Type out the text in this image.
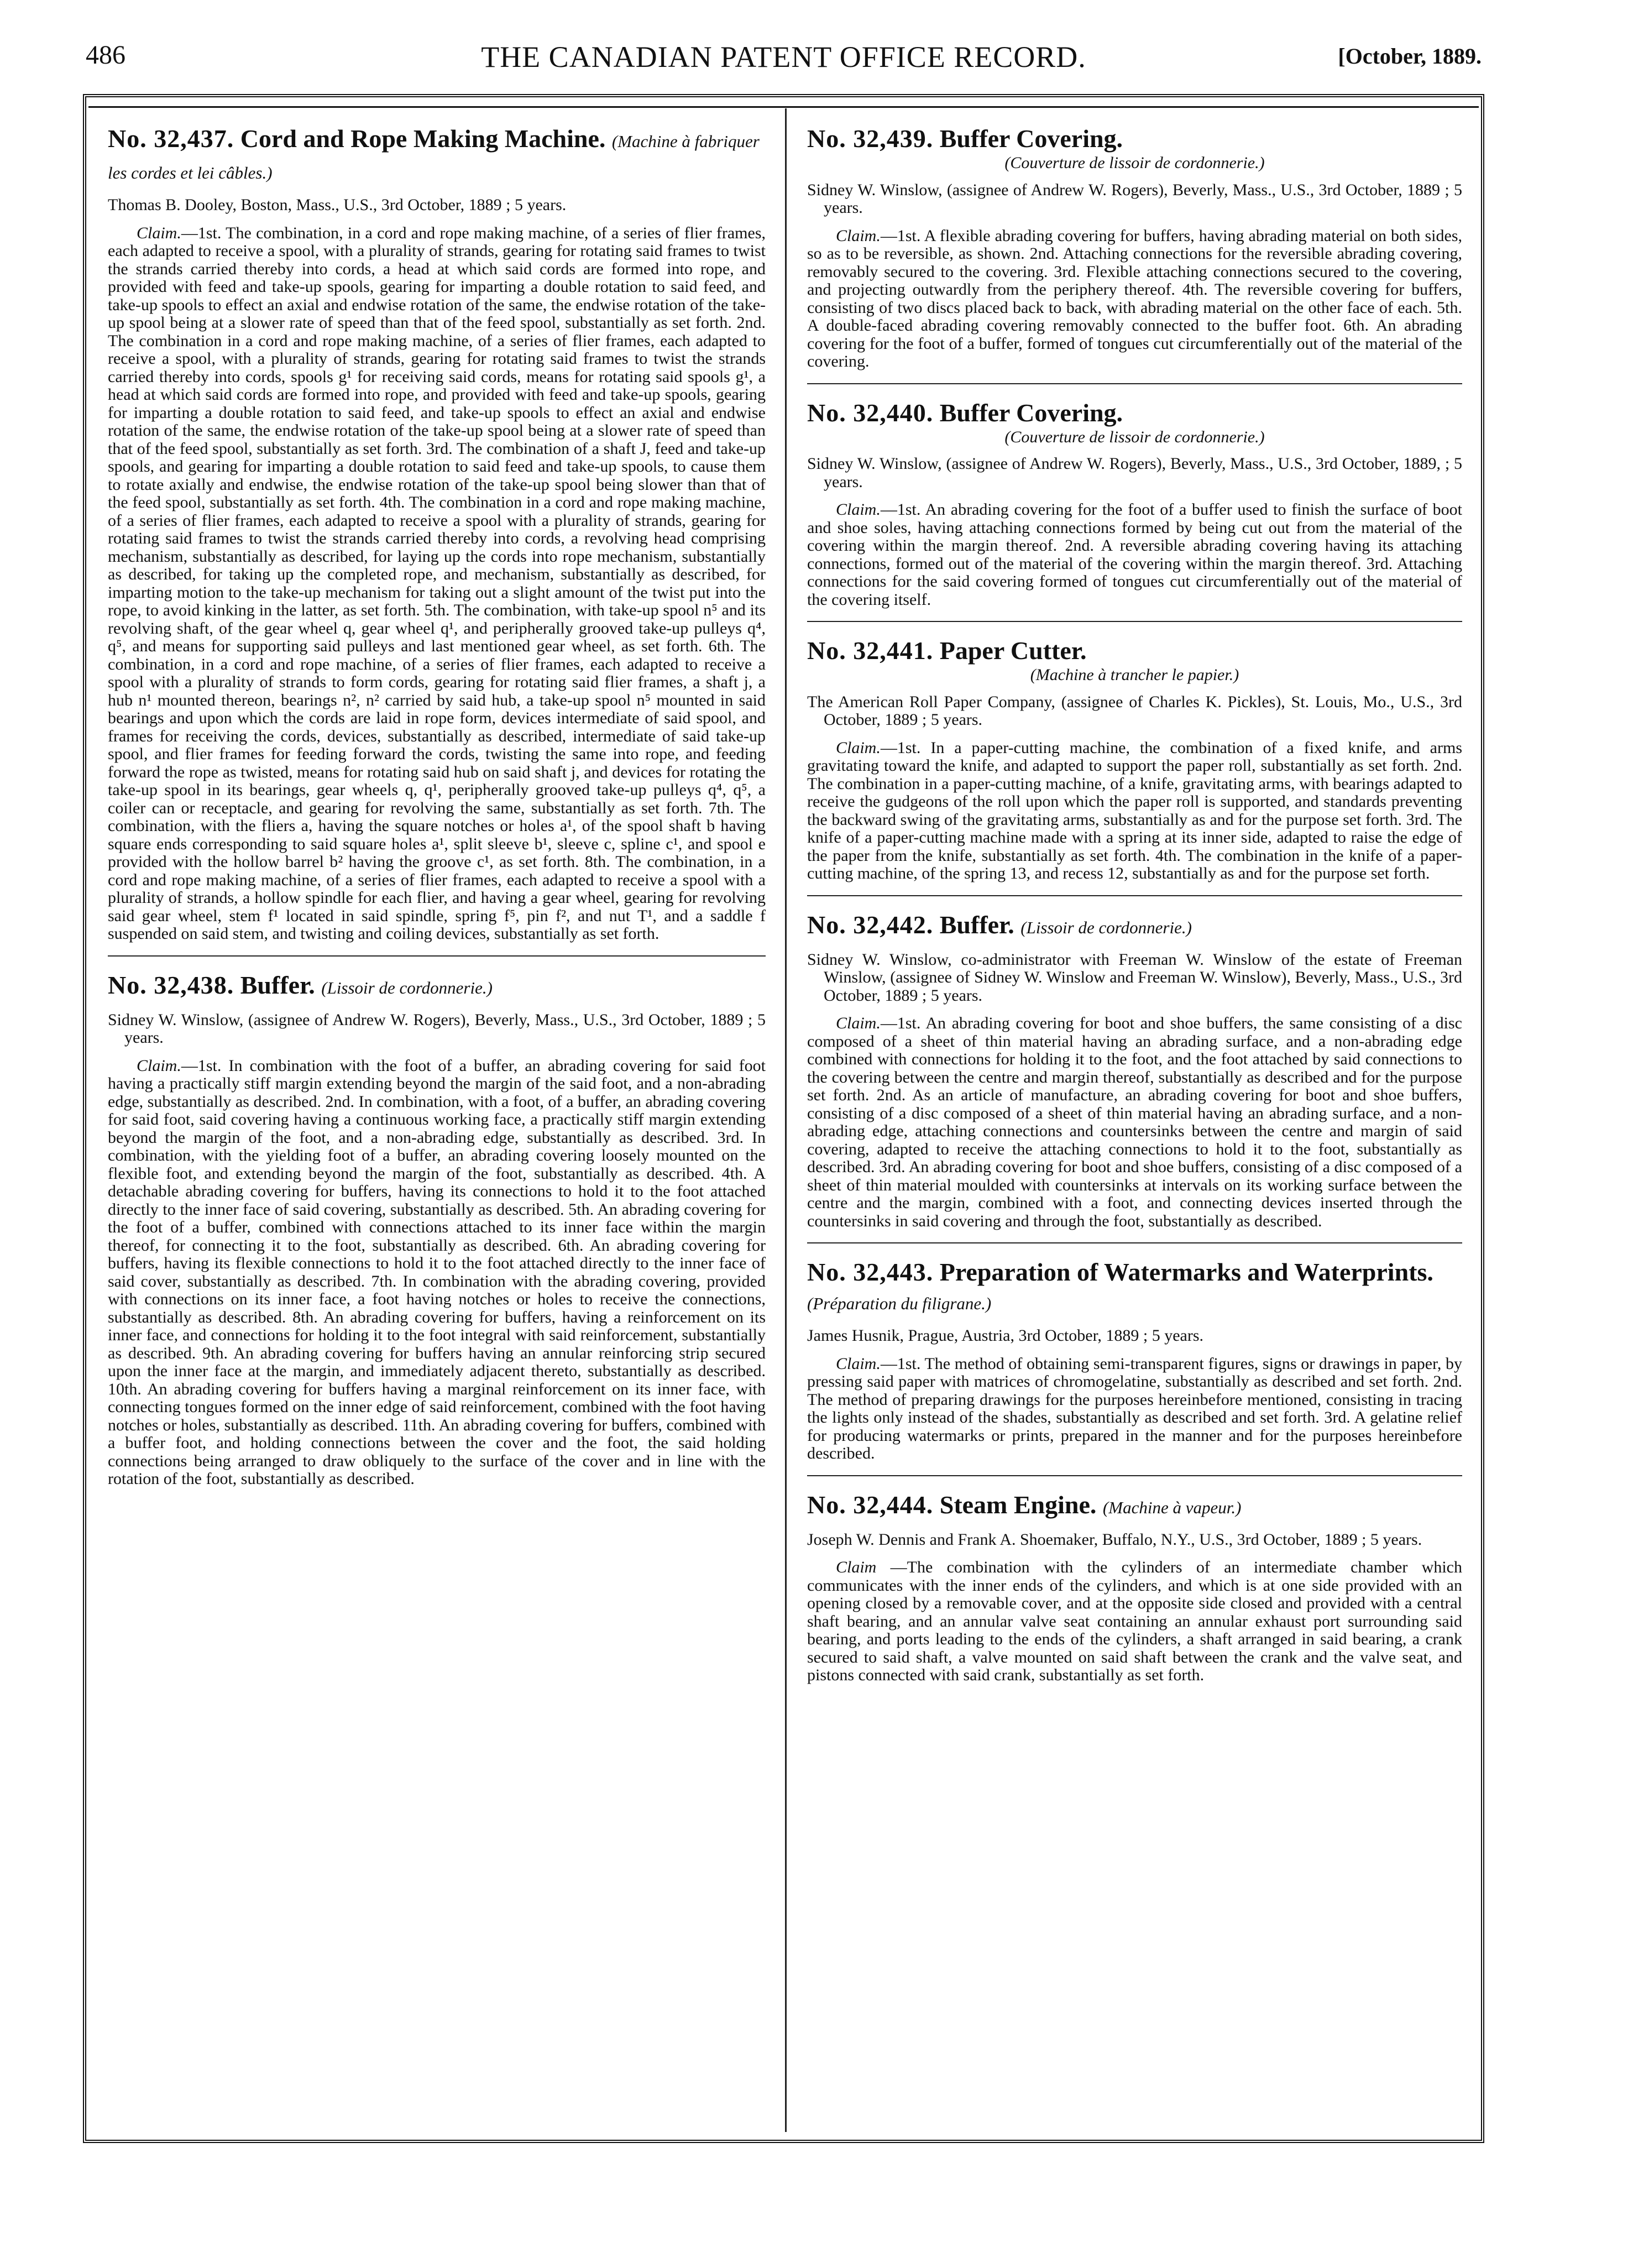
486	THE CANADIAN PATENT OFFICE RECORD.	[October, 1889.
No. 32,437. Cord and Rope Making Machine. (Machine à fabriquer les cordes et lei câbles.)

Thomas B. Dooley, Boston, Mass., U.S., 3rd October, 1889 ; 5 years.

Claim.—1st. The combination, in a cord and rope making machine, of a series of flier frames, each adapted to receive a spool, with a plurality of strands, gearing for rotating said frames to twist the strands carried thereby into cords, a head at which said cords are formed into rope, and provided with feed and take-up spools, gearing for imparting a double rotation to said feed, and take-up spools to effect an axial and endwise rotation of the same, the endwise rotation of the take-up spool being at a slower rate of speed than that of the feed spool, substantially as set forth. 2nd. The combination in a cord and rope making machine, of a series of flier frames, each adapted to receive a spool, with a plurality of strands, gearing for rotating said frames to twist the strands carried thereby into cords, spools g¹ for receiving said cords, means for rotating said spools g¹, a head at which said cords are formed into rope, and provided with feed and take-up spools, gearing for imparting a double rotation to said feed, and take-up spools to effect an axial and endwise rotation of the same, the endwise rotation of the take-up spool being at a slower rate of speed than that of the feed spool, substantially as set forth. 3rd. The combination of a shaft J, feed and take-up spools, and gearing for imparting a double rotation to said feed and take-up spools, to cause them to rotate axially and endwise, the endwise rotation of the take-up spool being slower than that of the feed spool, substantially as set forth. 4th. The combination in a cord and rope making machine, of a series of flier frames, each adapted to receive a spool with a plurality of strands, gearing for rotating said frames to twist the strands carried thereby into cords, a revolving head comprising mechanism, substantially as described, for laying up the cords into rope mechanism, substantially as described, for taking up the completed rope, and mechanism, substantially as described, for imparting motion to the take-up mechanism for taking out a slight amount of the twist put into the rope, to avoid kinking in the latter, as set forth. 5th. The combination, with take-up spool n⁵ and its revolving shaft, of the gear wheel q, gear wheel q¹, and peripherally grooved take-up pulleys q⁴, q⁵, and means for supporting said pulleys and last mentioned gear wheel, as set forth. 6th. The combination, in a cord and rope machine, of a series of flier frames, each adapted to receive a spool with a plurality of strands to form cords, gearing for rotating said flier frames, a shaft j, a hub n¹ mounted thereon, bearings n², n² carried by said hub, a take-up spool n⁵ mounted in said bearings and upon which the cords are laid in rope form, devices intermediate of said spool, and frames for receiving the cords, devices, substantially as described, intermediate of said take-up spool, and flier frames for feeding forward the cords, twisting the same into rope, and feeding forward the rope as twisted, means for rotating said hub on said shaft j, and devices for rotating the take-up spool in its bearings, gear wheels q, q¹, peripherally grooved take-up pulleys q⁴, q⁵, a coiler can or receptacle, and gearing for revolving the same, substantially as set forth. 7th. The combination, with the fliers a, having the square notches or holes a¹, of the spool shaft b having square ends corresponding to said square holes a¹, split sleeve b¹, sleeve c, spline c¹, and spool e provided with the hollow barrel b² having the groove c¹, as set forth. 8th. The combination, in a cord and rope making machine, of a series of flier frames, each adapted to receive a spool with a plurality of strands, a hollow spindle for each flier, and having a gear wheel, gearing for revolving said gear wheel, stem f¹ located in said spindle, spring f⁵, pin f², and nut T¹, and a saddle f suspended on said stem, and twisting and coiling devices, substantially as set forth.

No. 32,438. Buffer. (Lissoir de cordonnerie.)

Sidney W. Winslow, (assignee of Andrew W. Rogers), Beverly, Mass., U.S., 3rd October, 1889 ; 5 years.

Claim.—1st. In combination with the foot of a buffer, an abrading covering for said foot having a practically stiff margin extending beyond the margin of the said foot, and a non-abrading edge, substantially as described. 2nd. In combination, with a foot, of a buffer, an abrading covering for said foot, said covering having a continuous working face, a practically stiff margin extending beyond the margin of the foot, and a non-abrading edge, substantially as described. 3rd. In combination, with the yielding foot of a buffer, an abrading covering loosely mounted on the flexible foot, and extending beyond the margin of the foot, substantially as described. 4th. A detachable abrading covering for buffers, having its connections to hold it to the foot attached directly to the inner face of said covering, substantially as described. 5th. An abrading covering for the foot of a buffer, combined with connections attached to its inner face within the margin thereof, for connecting it to the foot, substantially as described. 6th. An abrading covering for buffers, having its flexible connections to hold it to the foot attached directly to the inner face of said cover, substantially as described. 7th. In combination with the abrading covering, provided with connections on its inner face, a foot having notches or holes to receive the connections, substantially as described. 8th. An abrading covering for buffers, having a reinforcement on its inner face, and connections for holding it to the foot integral with said reinforcement, substantially as described. 9th. An abrading covering for buffers having an annular reinforcing strip secured upon the inner face at the margin, and immediately adjacent thereto, substantially as described. 10th. An abrading covering for buffers having a marginal reinforcement on its inner face, with connecting tongues formed on the inner edge of said reinforcement, combined with the foot having notches or holes, substantially as described. 11th. An abrading covering for buffers, combined with a buffer foot, and holding connections between the cover and the foot, the said holding connections being arranged to draw obliquely to the surface of the cover and in line with the rotation of the foot, substantially as described.

No. 32,439. Buffer Covering.
(Couverture de lissoir de cordonnerie.)

Sidney W. Winslow, (assignee of Andrew W. Rogers), Beverly, Mass., U.S., 3rd October, 1889 ; 5 years.

Claim.—1st. A flexible abrading covering for buffers, having abrading material on both sides, so as to be reversible, as shown. 2nd. Attaching connections for the reversible abrading covering, removably secured to the covering. 3rd. Flexible attaching connections secured to the covering, and projecting outwardly from the periphery thereof. 4th. The reversible covering for buffers, consisting of two discs placed back to back, with abrading material on the other face of each. 5th. A double-faced abrading covering removably connected to the buffer foot. 6th. An abrading covering for the foot of a buffer, formed of tongues cut circumferentially out of the material of the covering.

No. 32,440. Buffer Covering.
(Couverture de lissoir de cordonnerie.)

Sidney W. Winslow, (assignee of Andrew W. Rogers), Beverly, Mass., U.S., 3rd October, 1889, ; 5 years.

Claim.—1st. An abrading covering for the foot of a buffer used to finish the surface of boot and shoe soles, having attaching connections formed by being cut out from the material of the covering within the margin thereof. 2nd. A reversible abrading covering having its attaching connections, formed out of the material of the covering within the margin thereof. 3rd. Attaching connections for the said covering formed of tongues cut circumferentially out of the material of the covering itself.

No. 32,441. Paper Cutter.
(Machine à trancher le papier.)

The American Roll Paper Company, (assignee of Charles K. Pickles), St. Louis, Mo., U.S., 3rd October, 1889 ; 5 years.

Claim.—1st. In a paper-cutting machine, the combination of a fixed knife, and arms gravitating toward the knife, and adapted to support the paper roll, substantially as set forth. 2nd. The combination in a paper-cutting machine, of a knife, gravitating arms, with bearings adapted to receive the gudgeons of the roll upon which the paper roll is supported, and standards preventing the backward swing of the gravitating arms, substantially as and for the purpose set forth. 3rd. The knife of a paper-cutting machine made with a spring at its inner side, adapted to raise the edge of the paper from the knife, substantially as set forth. 4th. The combination in the knife of a paper-cutting machine, of the spring 13, and recess 12, substantially as and for the purpose set forth.

No. 32,442. Buffer. (Lissoir de cordonnerie.)

Sidney W. Winslow, co-administrator with Freeman W. Winslow of the estate of Freeman Winslow, (assignee of Sidney W. Winslow and Freeman W. Winslow), Beverly, Mass., U.S., 3rd October, 1889 ; 5 years.

Claim.—1st. An abrading covering for boot and shoe buffers, the same consisting of a disc composed of a sheet of thin material having an abrading surface, and a non-abrading edge combined with connections for holding it to the foot, and the foot attached by said connections to the covering between the centre and margin thereof, substantially as described and for the purpose set forth. 2nd. As an article of manufacture, an abrading covering for boot and shoe buffers, consisting of a disc composed of a sheet of thin material having an abrading surface, and a non-abrading edge, attaching connections and countersinks between the centre and margin of said covering, adapted to receive the attaching connections to hold it to the foot, substantially as described. 3rd. An abrading covering for boot and shoe buffers, consisting of a disc composed of a sheet of thin material moulded with countersinks at intervals on its working surface between the centre and the margin, combined with a foot, and connecting devices inserted through the countersinks in said covering and through the foot, substantially as described.

No. 32,443. Preparation of Watermarks and Waterprints. (Préparation du filigrane.)

James Husnik, Prague, Austria, 3rd October, 1889 ; 5 years.

Claim.—1st. The method of obtaining semi-transparent figures, signs or drawings in paper, by pressing said paper with matrices of chromogelatine, substantially as described and set forth. 2nd. The method of preparing drawings for the purposes hereinbefore mentioned, consisting in tracing the lights only instead of the shades, substantially as described and set forth. 3rd. A gelatine relief for producing watermarks or prints, prepared in the manner and for the purposes hereinbefore described.

No. 32,444. Steam Engine. (Machine à vapeur.)

Joseph W. Dennis and Frank A. Shoemaker, Buffalo, N.Y., U.S., 3rd October, 1889 ; 5 years.

Claim —The combination with the cylinders of an intermediate chamber which communicates with the inner ends of the cylinders, and which is at one side provided with an opening closed by a removable cover, and at the opposite side closed and provided with a central shaft bearing, and an annular valve seat containing an annular exhaust port surrounding said bearing, and ports leading to the ends of the cylinders, a shaft arranged in said bearing, a crank secured to said shaft, a valve mounted on said shaft between the crank and the valve seat, and pistons connected with said crank, substantially as set forth.
